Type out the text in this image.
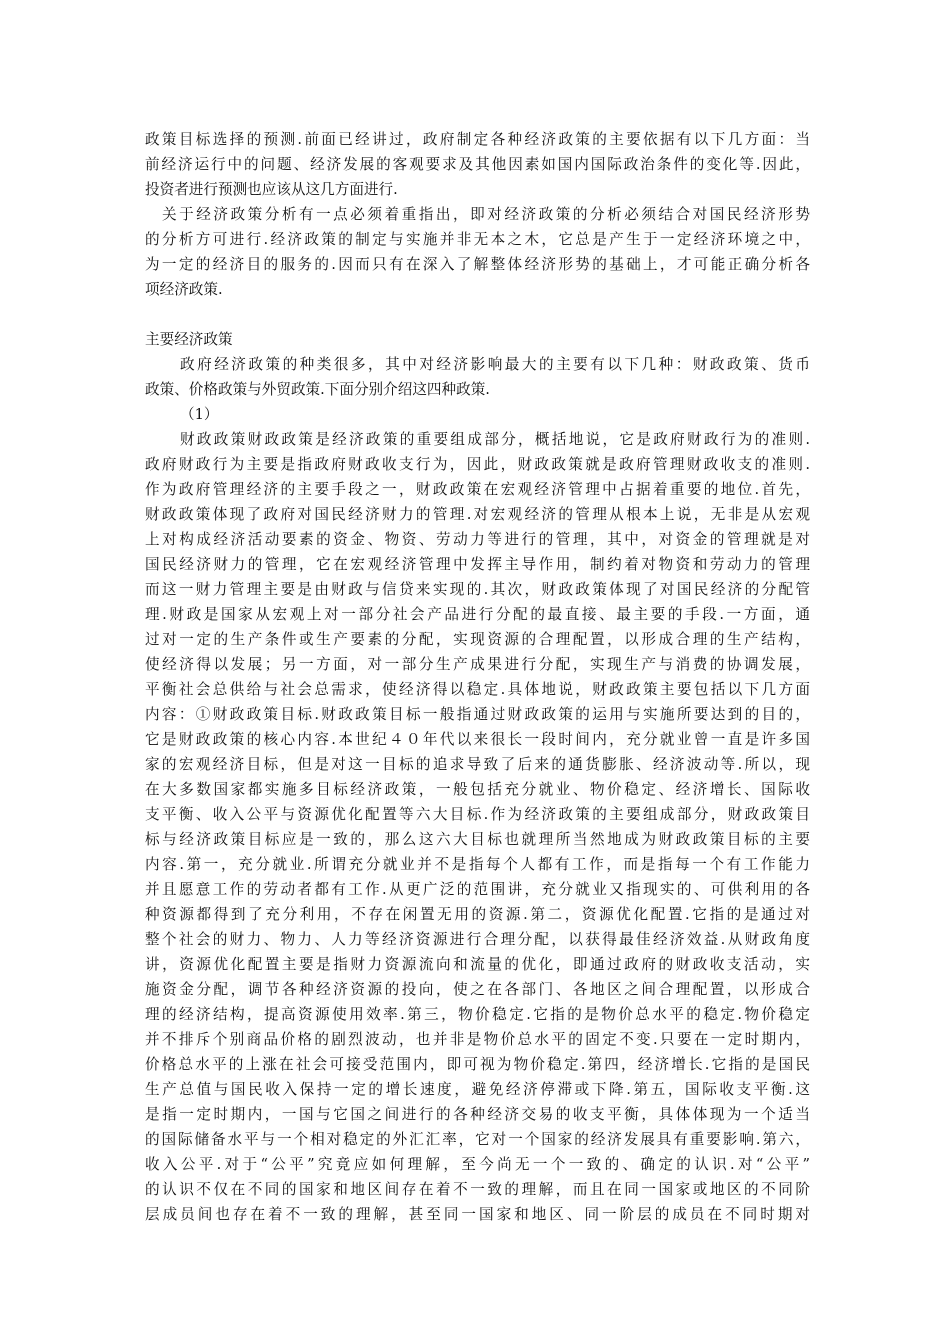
政策目标选择的预测.前面已经讲过，政府制定各种经济政策的主要依据有以下几方面：当
前经济运行中的问题、经济发展的客观要求及其他因素如国内国际政治条件的变化等.因此，
投资者进行预测也应该从这几方面进行.
关于经济政策分析有一点必须着重指出，即对经济政策的分析必须结合对国民经济形势
的分析方可进行.经济政策的制定与实施并非无本之木，它总是产生于一定经济环境之中，
为一定的经济目的服务的.因而只有在深入了解整体经济形势的基础上，才可能正确分析各
项经济政策.
主要经济政策
政府经济政策的种类很多，其中对经济影响最大的主要有以下几种：财政政策、货币
政策、价格政策与外贸政策.下面分别介绍这四种政策.
（1）
财政政策财政政策是经济政策的重要组成部分，概括地说，它是政府财政行为的准则.
政府财政行为主要是指政府财政收支行为，因此，财政政策就是政府管理财政收支的准则.
作为政府管理经济的主要手段之一，财政政策在宏观经济管理中占据着重要的地位.首先，
财政政策体现了政府对国民经济财力的管理.对宏观经济的管理从根本上说，无非是从宏观
上对构成经济活动要素的资金、物资、劳动力等进行的管理，其中，对资金的管理就是对
国民经济财力的管理，它在宏观经济管理中发挥主导作用，制约着对物资和劳动力的管理
而这一财力管理主要是由财政与信贷来实现的.其次，财政政策体现了对国民经济的分配管
理.财政是国家从宏观上对一部分社会产品进行分配的最直接、最主要的手段.一方面，通
过对一定的生产条件或生产要素的分配，实现资源的合理配置，以形成合理的生产结构，
使经济得以发展；另一方面，对一部分生产成果进行分配，实现生产与消费的协调发展，
平衡社会总供给与社会总需求，使经济得以稳定.具体地说，财政政策主要包括以下几方面
内容：①财政政策目标.财政政策目标一般指通过财政政策的运用与实施所要达到的目的，
它是财政政策的核心内容.本世纪４０年代以来很长一段时间内，充分就业曾一直是许多国
家的宏观经济目标，但是对这一目标的追求导致了后来的通货膨胀、经济波动等.所以，现
在大多数国家都实施多目标经济政策，一般包括充分就业、物价稳定、经济增长、国际收
支平衡、收入公平与资源优化配置等六大目标.作为经济政策的主要组成部分，财政政策目
标与经济政策目标应是一致的，那么这六大目标也就理所当然地成为财政政策目标的主要
内容.第一，充分就业.所谓充分就业并不是指每个人都有工作，而是指每一个有工作能力
并且愿意工作的劳动者都有工作.从更广泛的范围讲，充分就业又指现实的、可供利用的各
种资源都得到了充分利用，不存在闲置无用的资源.第二，资源优化配置.它指的是通过对
整个社会的财力、物力、人力等经济资源进行合理分配，以获得最佳经济效益.从财政角度
讲，资源优化配置主要是指财力资源流向和流量的优化，即通过政府的财政收支活动，实
施资金分配，调节各种经济资源的投向，使之在各部门、各地区之间合理配置，以形成合
理的经济结构，提高资源使用效率.第三，物价稳定.它指的是物价总水平的稳定.物价稳定
并不排斥个别商品价格的剧烈波动，也并非是物价总水平的固定不变.只要在一定时期内，
价格总水平的上涨在社会可接受范围内，即可视为物价稳定.第四，经济增长.它指的是国民
生产总值与国民收入保持一定的增长速度，避免经济停滞或下降.第五，国际收支平衡.这
是指一定时期内，一国与它国之间进行的各种经济交易的收支平衡，具体体现为一个适当
的国际储备水平与一个相对稳定的外汇汇率，它对一个国家的经济发展具有重要影响.第六，
收入公平.对于“公平”究竟应如何理解，至今尚无一个一致的、确定的认识.对“公平”
的认识不仅在不同的国家和地区间存在着不一致的理解，而且在同一国家或地区的不同阶
层成员间也存在着不一致的理解，甚至同一国家和地区、同一阶层的成员在不同时期对
